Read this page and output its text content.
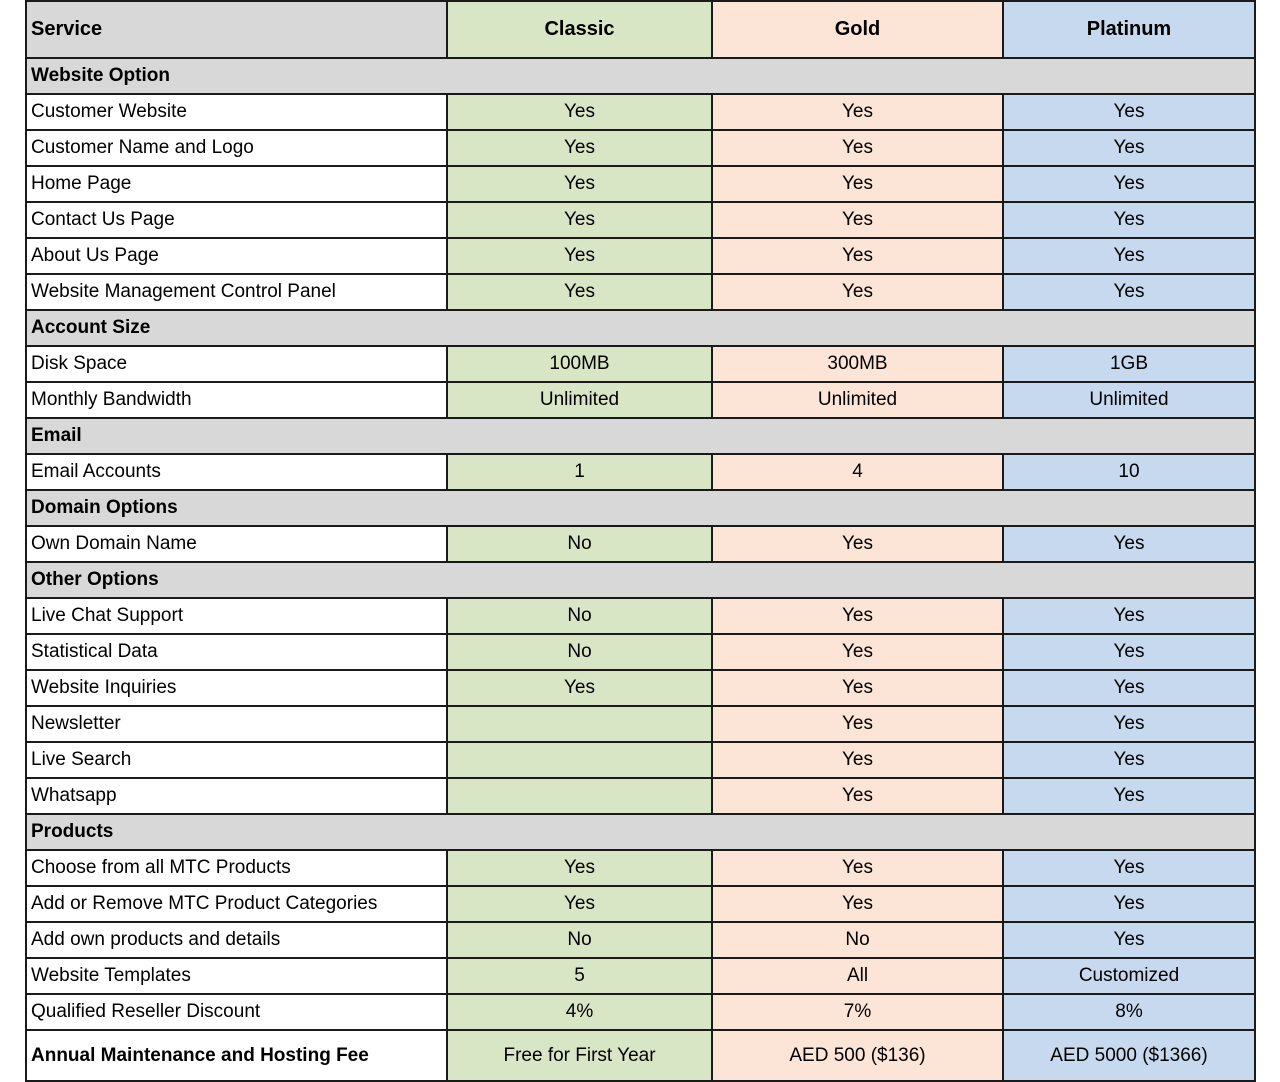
Service	Classic	Gold	Platinum
Website Option			
Customer Website	Yes	Yes	Yes
Customer Name and Logo	Yes	Yes	Yes
Home Page	Yes	Yes	Yes
Contact Us Page	Yes	Yes	Yes
About Us Page	Yes	Yes	Yes
Website Management Control Panel	Yes	Yes	Yes
Account Size			
Disk Space	100MB	300MB	1GB
Monthly Bandwidth	Unlimited	Unlimited	Unlimited
Email			
Email Accounts	1	4	10
Domain Options			
Own Domain Name	No	Yes	Yes
Other Options			
Live Chat Support	No	Yes	Yes
Statistical Data	No	Yes	Yes
Website Inquiries	Yes	Yes	Yes
Newsletter		Yes	Yes
Live Search		Yes	Yes
Whatsapp		Yes	Yes
Products			
Choose from all MTC Products	Yes	Yes	Yes
Add or Remove MTC Product Categories	Yes	Yes	Yes
Add own products and details	No	No	Yes
Website Templates	5	All	Customized
Qualified Reseller Discount	4%	7%	8%
Annual Maintenance and Hosting Fee	Free for First Year	AED 500 ($136)	AED 5000 ($1366)
